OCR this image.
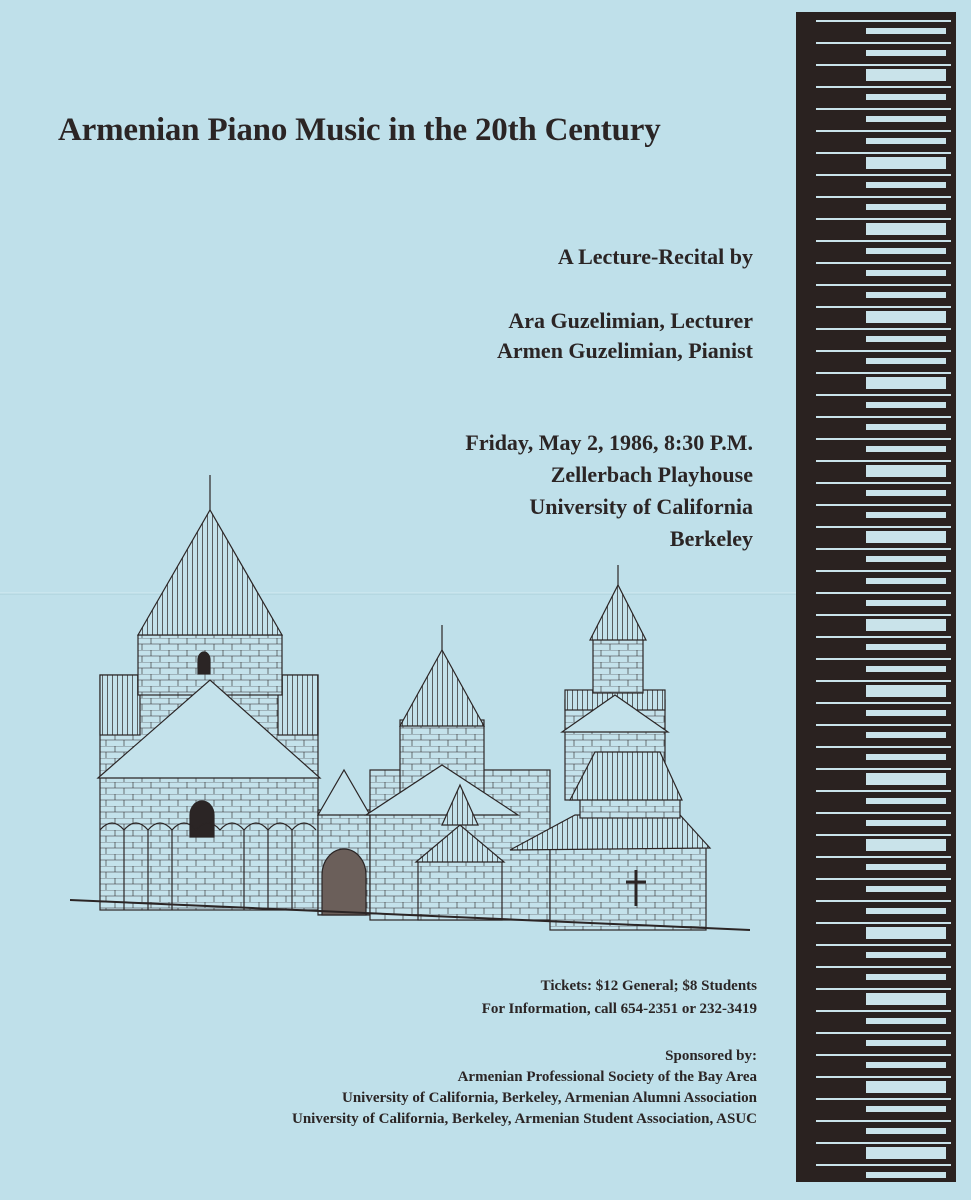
Armenian Piano Music in the 20th Century
A Lecture-Recital by
Ara Guzelimian, Lecturer
Armen Guzelimian, Pianist
Friday, May 2, 1986, 8:30 P.M.
Zellerbach Playhouse
University of California
Berkeley
Tickets: $12 General; $8 Students
For Information, call 654-2351 or 232-3419
Sponsored by:
Armenian Professional Society of the Bay Area
University of California, Berkeley, Armenian Alumni Association
University of California, Berkeley, Armenian Student Association, ASUC
